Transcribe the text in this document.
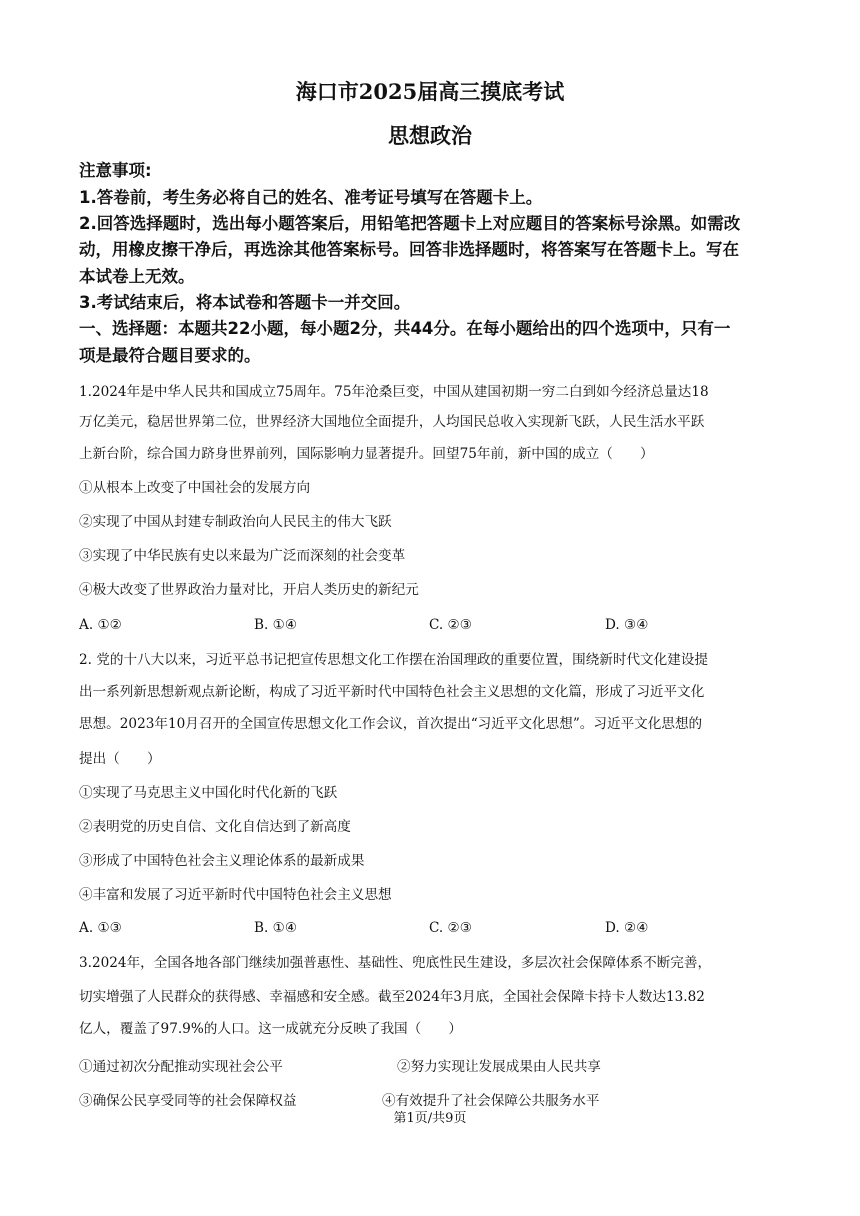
海口市2025届高三摸底考试
思想政治
注意事项:
1.答卷前，考生务必将自己的姓名、准考证号填写在答题卡上。
2.回答选择题时，选出每小题答案后，用铅笔把答题卡上对应题目的答案标号涂黑。如需改
动，用橡皮擦干净后，再选涂其他答案标号。回答非选择题时，将答案写在答题卡上。写在
本试卷上无效。
3.考试结束后，将本试卷和答题卡一并交回。
一、选择题：本题共22小题，每小题2分，共44分。在每小题给出的四个选项中，只有一
项是最符合题目要求的。
1.2024年是中华人民共和国成立75周年。75年沧桑巨变，中国从建国初期一穷二白到如今经济总量达18
万亿美元，稳居世界第二位，世界经济大国地位全面提升，人均国民总收入实现新飞跃，人民生活水平跃
上新台阶，综合国力跻身世界前列，国际影响力显著提升。回望75年前，新中国的成立（　　）
①从根本上改变了中国社会的发展方向
②实现了中国从封建专制政治向人民民主的伟大飞跃
③实现了中华民族有史以来最为广泛而深刻的社会变革
④极大改变了世界政治力量对比，开启人类历史的新纪元
A. ①②	B. ①④	C. ②③	D. ③④
2. 党的十八大以来，习近平总书记把宣传思想文化工作摆在治国理政的重要位置，围绕新时代文化建设提
出一系列新思想新观点新论断，构成了习近平新时代中国特色社会主义思想的文化篇，形成了习近平文化
思想。2023年10月召开的全国宣传思想文化工作会议，首次提出“习近平文化思想”。习近平文化思想的
提出（　　）
①实现了马克思主义中国化时代化新的飞跃
②表明党的历史自信、文化自信达到了新高度
③形成了中国特色社会主义理论体系的最新成果
④丰富和发展了习近平新时代中国特色社会主义思想
A. ①③	B. ①④	C. ②③	D. ②④
3.2024年，全国各地各部门继续加强普惠性、基础性、兜底性民生建设，多层次社会保障体系不断完善，
切实增强了人民群众的获得感、幸福感和安全感。截至2024年3月底，全国社会保障卡持卡人数达13.82
亿人，覆盖了97.9%的人口。这一成就充分反映了我国（　　）
①通过初次分配推动实现社会公平	②努力实现让发展成果由人民共享
③确保公民享受同等的社会保障权益	④有效提升了社会保障公共服务水平
第1页/共9页
